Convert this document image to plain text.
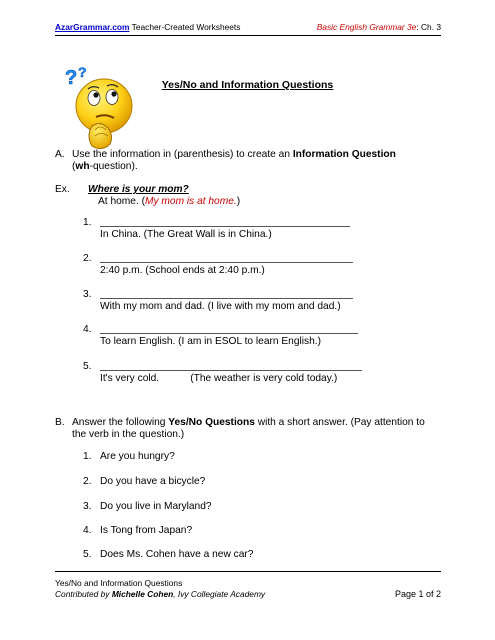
AzarGrammar.com Teacher-Created Worksheets	Basic English Grammar 3e: Ch. 3
? ?
Yes/No and Information Questions
A. Use the information in (parenthesis) to create an Information Question
(wh-question).
Ex. Where is your mom?
At home. (My mom is at home.)
1.
In China. (The Great Wall is in China.)
2.
2:40 p.m. (School ends at 2:40 p.m.)
3.
With my mom and dad. (I live with my mom and dad.)
4.
To learn English. (I am in ESOL to learn English.)
5.
It's very cold.           (The weather is very cold today.)
B. Answer the following Yes/No Questions with a short answer. (Pay attention to
the verb in the question.)
1. Are you hungry?
2. Do you have a bicycle?
3. Do you live in Maryland?
4. Is Tong from Japan?
5. Does Ms. Cohen have a new car?
Yes/No and Information Questions
Contributed by Michelle Cohen, Ivy Collegiate Academy	Page 1 of 2
